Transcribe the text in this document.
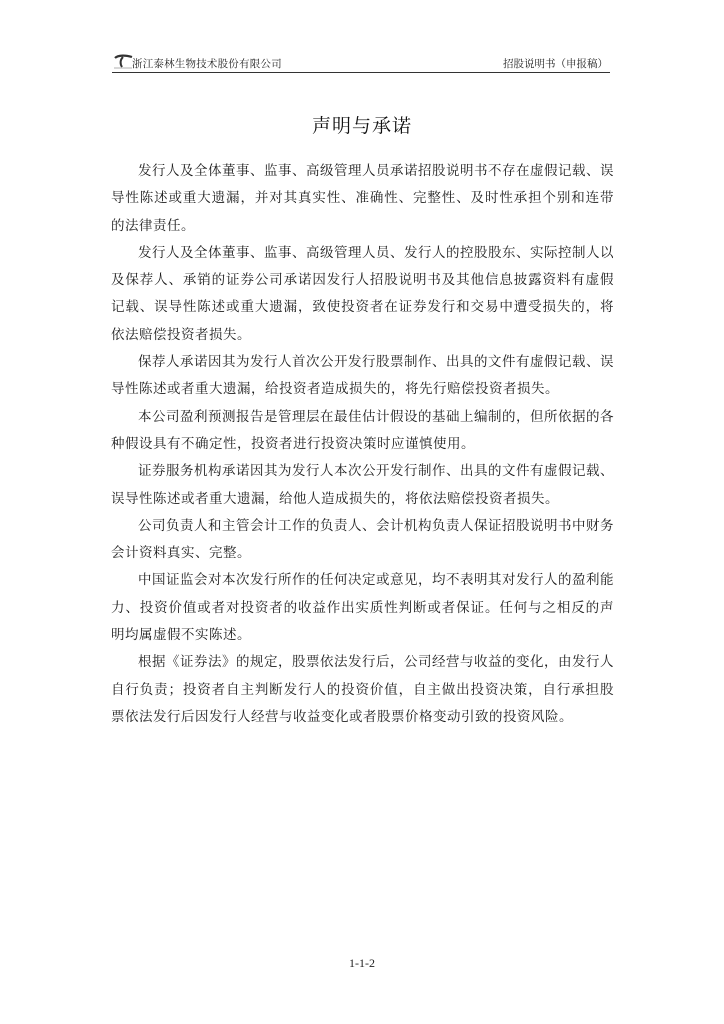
浙江泰林生物技术股份有限公司	招股说明书（申报稿）
声明与承诺

发行人及全体董事、监事、高级管理人员承诺招股说明书不存在虚假记载、误导性陈述或重大遗漏，并对其真实性、准确性、完整性、及时性承担个别和连带的法律责任。

发行人及全体董事、监事、高级管理人员、发行人的控股股东、实际控制人以及保荐人、承销的证券公司承诺因发行人招股说明书及其他信息披露资料有虚假记载、误导性陈述或重大遗漏，致使投资者在证券发行和交易中遭受损失的，将依法赔偿投资者损失。

保荐人承诺因其为发行人首次公开发行股票制作、出具的文件有虚假记载、误导性陈述或者重大遗漏，给投资者造成损失的，将先行赔偿投资者损失。

本公司盈利预测报告是管理层在最佳估计假设的基础上编制的，但所依据的各种假设具有不确定性，投资者进行投资决策时应谨慎使用。

证券服务机构承诺因其为发行人本次公开发行制作、出具的文件有虚假记载、误导性陈述或者重大遗漏，给他人造成损失的，将依法赔偿投资者损失。

公司负责人和主管会计工作的负责人、会计机构负责人保证招股说明书中财务会计资料真实、完整。

中国证监会对本次发行所作的任何决定或意见，均不表明其对发行人的盈利能力、投资价值或者对投资者的收益作出实质性判断或者保证。任何与之相反的声明均属虚假不实陈述。

根据《证券法》的规定，股票依法发行后，公司经营与收益的变化，由发行人自行负责；投资者自主判断发行人的投资价值，自主做出投资决策，自行承担股票依法发行后因发行人经营与收益变化或者股票价格变动引致的投资风险。

1-1-2
